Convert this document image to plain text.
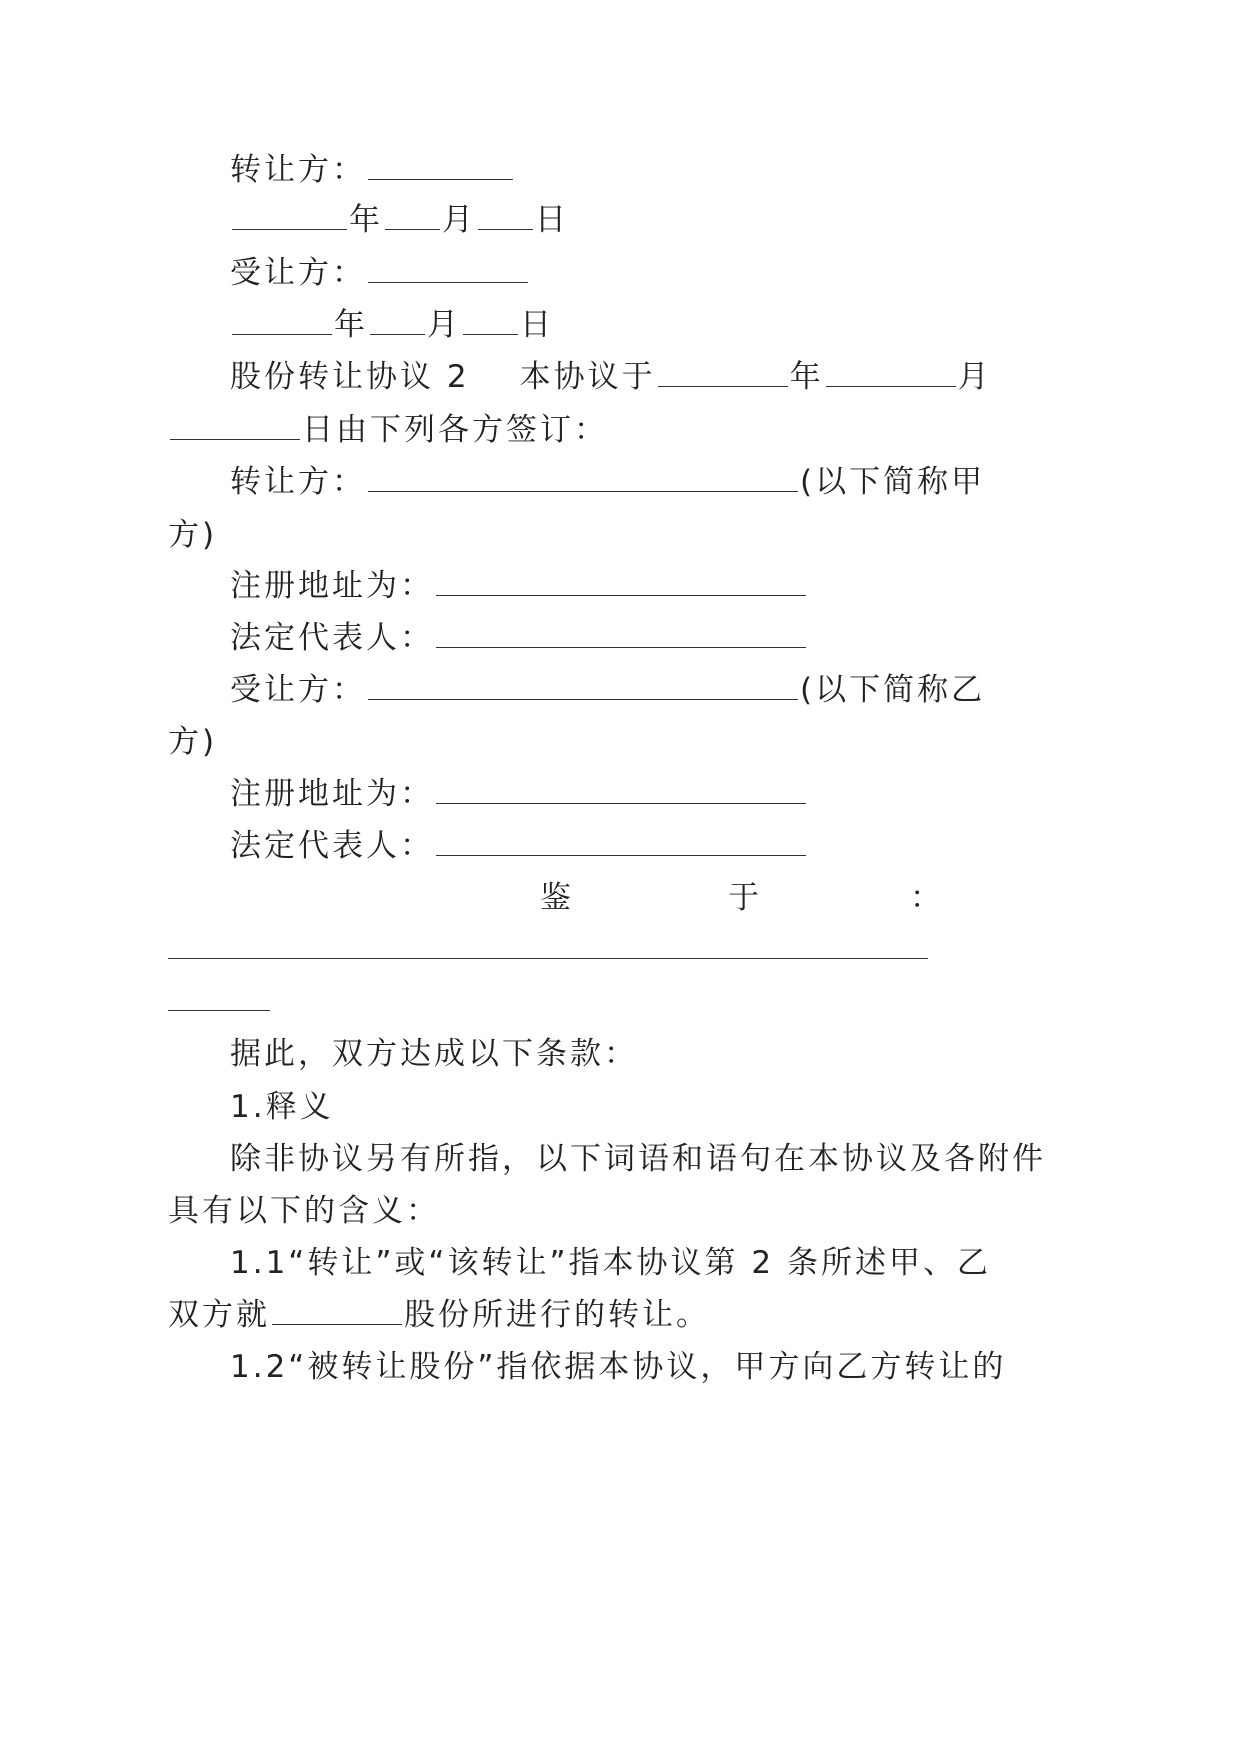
转让方：
年 月 日
受让方：
年 月 日
股份转让协议 2 本协议于	年	月
日由下列各方签订：
转让方：	(以下简称甲
方)
注册地址为：
法定代表人：
受让方：	(以下简称乙
方)
注册地址为：
法定代表人：
鉴	于	：
据此，双方达成以下条款：
1.释义
除非协议另有所指，以下词语和语句在本协议及各附件
具有以下的含义：
1.1“转让”或“该转让”指本协议第 2 条所述甲、乙
双方就	股份所进行的转让。
1.2“被转让股份”指依据本协议，甲方向乙方转让的
